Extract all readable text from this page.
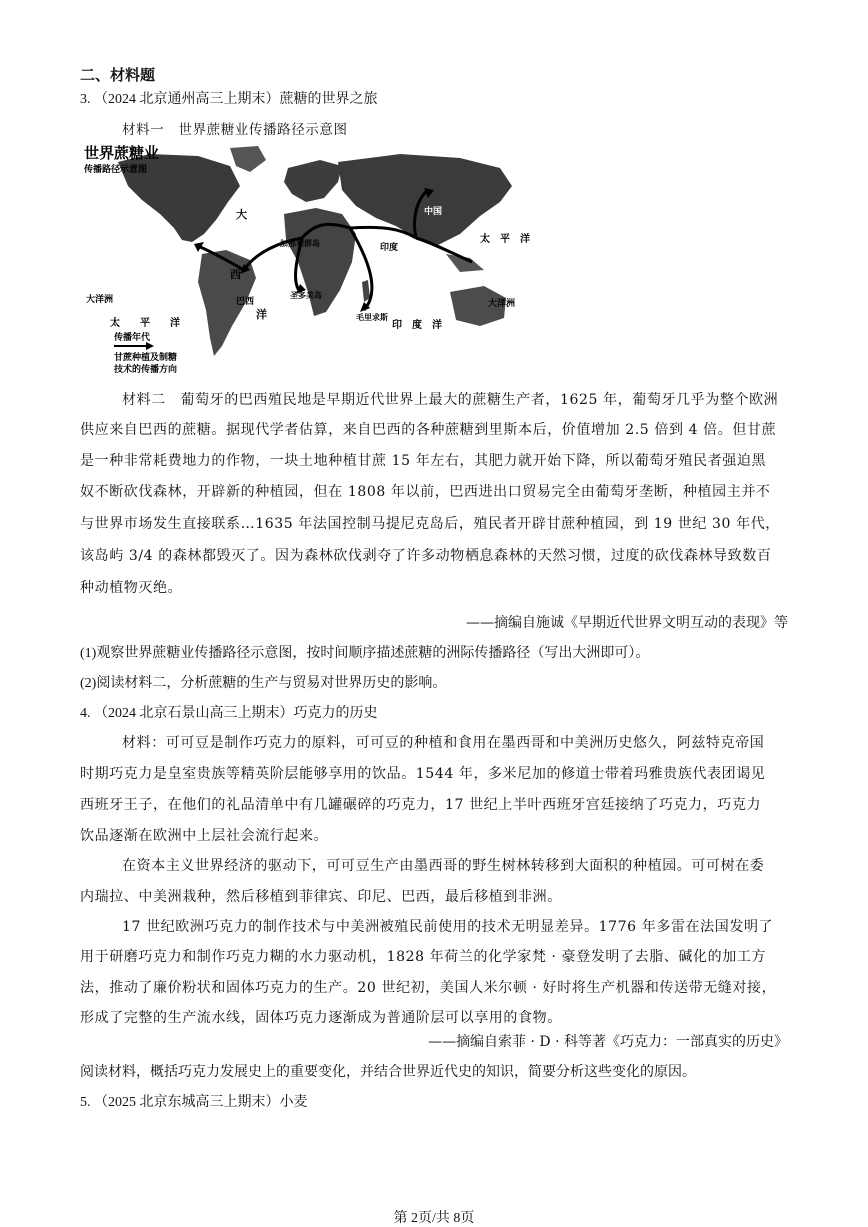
二、材料题
3. （2024 北京通州高三上期末）蔗糖的世界之旅
材料一　世界蔗糖业传播路径示意图
世界蔗糖业
传播路径示意图
传播年代
甘蔗种植及制糖
技术的传播方向
大
西
洋
太　平　洋
太　　平　　洋
大洋洲
印　度　洋
中国
印度
巴西
加那利群岛
圣多美岛
毛里求斯
大洋洲
材料二　葡萄牙的巴西殖民地是早期近代世界上最大的蔗糖生产者，1625 年，葡萄牙几乎为整个欧洲
供应来自巴西的蔗糖。据现代学者估算，来自巴西的各种蔗糖到里斯本后，价值增加 2.5 倍到 4 倍。但甘蔗
是一种非常耗费地力的作物，一块土地种植甘蔗 15 年左右，其肥力就开始下降，所以葡萄牙殖民者强迫黑
奴不断砍伐森林，开辟新的种植园，但在 1808 年以前，巴西进出口贸易完全由葡萄牙垄断，种植园主并不
与世界市场发生直接联系…1635 年法国控制马提尼克岛后，殖民者开辟甘蔗种植园，到 19 世纪 30 年代，
该岛屿 3/4 的森林都毁灭了。因为森林砍伐剥夺了许多动物栖息森林的天然习惯，过度的砍伐森林导致数百
种动植物灭绝。
——摘编自施诚《早期近代世界文明互动的表现》等
(1)观察世界蔗糖业传播路径示意图，按时间顺序描述蔗糖的洲际传播路径（写出大洲即可）。
(2)阅读材料二，分析蔗糖的生产与贸易对世界历史的影响。
4. （2024 北京石景山高三上期末）巧克力的历史
材料：可可豆是制作巧克力的原料，可可豆的种植和食用在墨西哥和中美洲历史悠久，阿兹特克帝国
时期巧克力是皇室贵族等精英阶层能够享用的饮品。1544 年，多米尼加的修道士带着玛雅贵族代表团谒见
西班牙王子，在他们的礼品清单中有几罐碾碎的巧克力，17 世纪上半叶西班牙宫廷接纳了巧克力，巧克力
饮品逐渐在欧洲中上层社会流行起来。
在资本主义世界经济的驱动下，可可豆生产由墨西哥的野生树林转移到大面积的种植园。可可树在委
内瑞拉、中美洲栽种，然后移植到菲律宾、印尼、巴西，最后移植到非洲。
17 世纪欧洲巧克力的制作技术与中美洲被殖民前使用的技术无明显差异。1776 年多雷在法国发明了
用于研磨巧克力和制作巧克力糊的水力驱动机，1828 年荷兰的化学家梵 · 豪登发明了去脂、碱化的加工方
法，推动了廉价粉状和固体巧克力的生产。20 世纪初，美国人米尔顿 · 好时将生产机器和传送带无缝对接，
形成了完整的生产流水线，固体巧克力逐渐成为普通阶层可以享用的食物。
——摘编自索菲 · D · 科等著《巧克力：一部真实的历史》
阅读材料，概括巧克力发展史上的重要变化，并结合世界近代史的知识，简要分析这些变化的原因。
5. （2025 北京东城高三上期末）小麦
第 2页/共 8页
